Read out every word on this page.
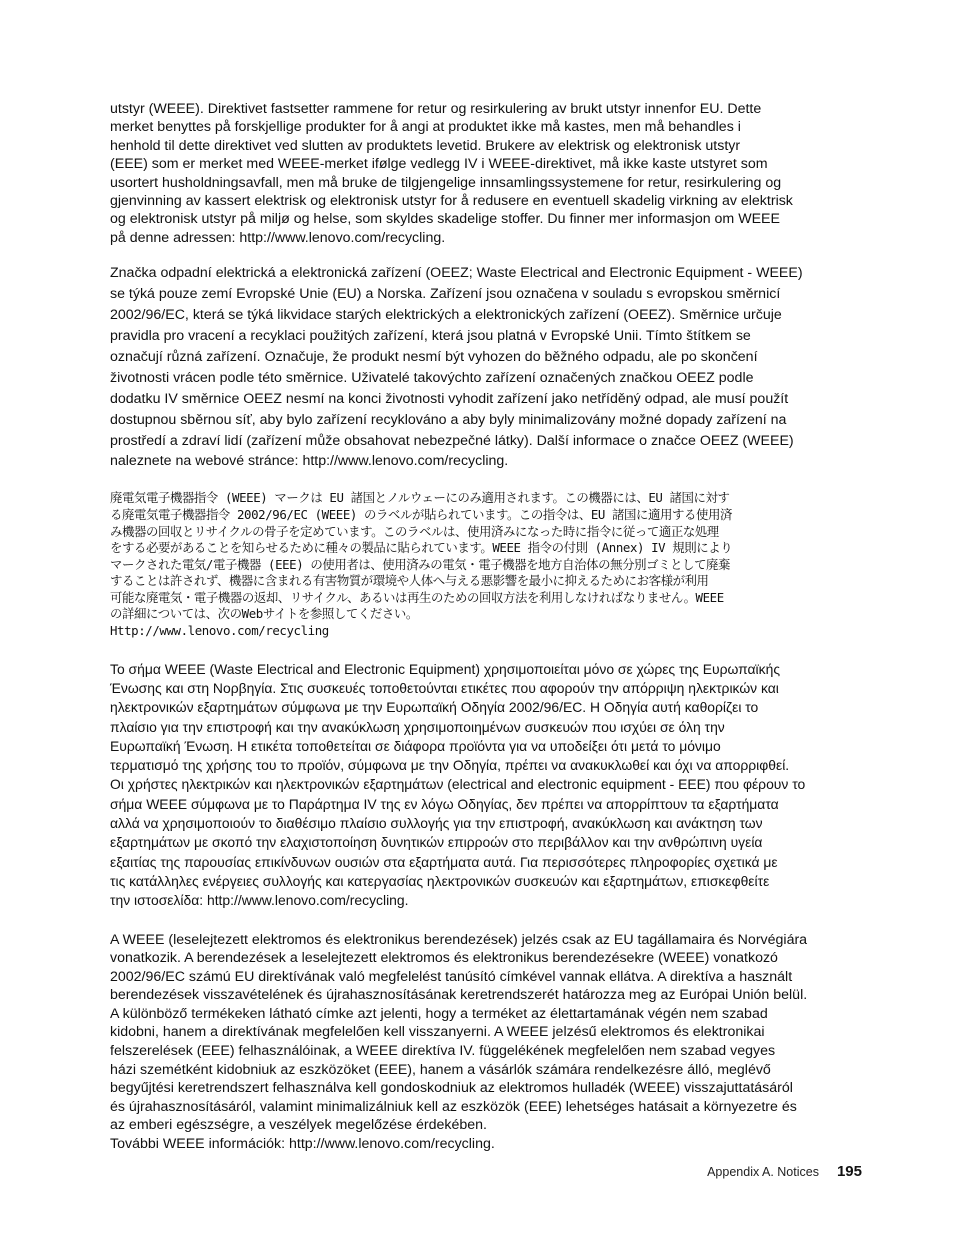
utstyr (WEEE). Direktivet fastsetter rammene for retur og resirkulering av brukt utstyr innenfor EU. Dette
merket benyttes på forskjellige produkter for å angi at produktet ikke må kastes, men må behandles i
henhold til dette direktivet ved slutten av produktets levetid. Brukere av elektrisk og elektronisk utstyr
(EEE) som er merket med WEEE-merket ifølge vedlegg IV i WEEE-direktivet, må ikke kaste utstyret som
usortert husholdningsavfall, men må bruke de tilgjengelige innsamlingssystemene for retur, resirkulering og
gjenvinning av kassert elektrisk og elektronisk utstyr for å redusere en eventuell skadelig virkning av elektrisk
og elektronisk utstyr på miljø og helse, som skyldes skadelige stoffer. Du finner mer informasjon om WEEE
på denne adressen: http://www.lenovo.com/recycling.

Značka odpadní elektrická a elektronická zařízení (OEEZ; Waste Electrical and Electronic Equipment - WEEE)
se týká pouze zemí Evropské Unie (EU) a Norska. Zařízení jsou označena v souladu s evropskou směrnicí
2002/96/EC, která se týká likvidace starých elektrických a elektronických zařízení (OEEZ). Směrnice určuje
pravidla pro vracení a recyklaci použitých zařízení, která jsou platná v Evropské Unii. Tímto štítkem se
označují různá zařízení. Označuje, že produkt nesmí být vyhozen do běžného odpadu, ale po skončení
životnosti vrácen podle této směrnice. Uživatelé takovýchto zařízení označených značkou OEEZ podle
dodatku IV směrnice OEEZ nesmí na konci životnosti vyhodit zařízení jako netříděný odpad, ale musí použít
dostupnou sběrnou síť, aby bylo zařízení recyklováno a aby byly minimalizovány možné dopady zařízení na
prostředí a zdraví lidí (zařízení může obsahovat nebezpečné látky). Další informace o značce OEEZ (WEEE)
naleznete na webové stránce: http://www.lenovo.com/recycling.

廃電気電子機器指令 (WEEE) マークは EU 諸国とノルウェーにのみ適用されます。この機器には、EU 諸国に対す
る廃電気電子機器指令 2002/96/EC (WEEE) のラベルが貼られています。この指令は、EU 諸国に適用する使用済
み機器の回収とリサイクルの骨子を定めています。このラベルは、使用済みになった時に指令に従って適正な処理
をする必要があることを知らせるために種々の製品に貼られています。WEEE 指令の付則 (Annex) IV 規則により
マークされた電気/電子機器 (EEE) の使用者は、使用済みの電気・電子機器を地方自治体の無分別ゴミとして廃棄
することは許されず、機器に含まれる有害物質が環境や人体へ与える悪影響を最小に抑えるためにお客様が利用
可能な廃電気・電子機器の返却、リサイクル、あるいは再生のための回収方法を利用しなければなりません。WEEE
の詳細については、次のWebサイトを参照してください。
Http://www.lenovo.com/recycling

Το σήμα WEEE (Waste Electrical and Electronic Equipment) χρησιμοποιείται μόνο σε χώρες της Ευρωπαϊκής
Ένωσης και στη Νορβηγία. Στις συσκευές τοποθετούνται ετικέτες που αφορούν την απόρριψη ηλεκτρικών και
ηλεκτρονικών εξαρτημάτων σύμφωνα με την Ευρωπαϊκή Οδηγία 2002/96/EC. Η Οδηγία αυτή καθορίζει το
πλαίσιο για την επιστροφή και την ανακύκλωση χρησιμοποιημένων συσκευών που ισχύει σε όλη την
Ευρωπαϊκή Ένωση. Η ετικέτα τοποθετείται σε διάφορα προϊόντα για να υποδείξει ότι μετά το μόνιμο
τερματισμό της χρήσης του το προϊόν, σύμφωνα με την Οδηγία, πρέπει να ανακυκλωθεί και όχι να απορριφθεί.
Οι χρήστες ηλεκτρικών και ηλεκτρονικών εξαρτημάτων (electrical and electronic equipment - EEE) που φέρουν το
σήμα WEEE σύμφωνα με το Παράρτημα IV της εν λόγω Οδηγίας, δεν πρέπει να απορρίπτουν τα εξαρτήματα
αλλά να χρησιμοποιούν το διαθέσιμο πλαίσιο συλλογής για την επιστροφή, ανακύκλωση και ανάκτηση των
εξαρτημάτων με σκοπό την ελαχιστοποίηση δυνητικών επιρροών στο περιβάλλον και την ανθρώπινη υγεία
εξαιτίας της παρουσίας επικίνδυνων ουσιών στα εξαρτήματα αυτά. Για περισσότερες πληροφορίες σχετικά με
τις κατάλληλες ενέργειες συλλογής και κατεργασίας ηλεκτρονικών συσκευών και εξαρτημάτων, επισκεφθείτε
την ιστοσελίδα: http://www.lenovo.com/recycling.

A WEEE (leselejtezett elektromos és elektronikus berendezések) jelzés csak az EU tagállamaira és Norvégiára
vonatkozik. A berendezések a leselejtezett elektromos és elektronikus berendezésekre (WEEE) vonatkozó
2002/96/EC számú EU direktívának való megfelelést tanúsító címkével vannak ellátva. A direktíva a használt
berendezések visszavételének és újrahasznosításának keretrendszerét határozza meg az Európai Unión belül.
A különböző termékeken látható címke azt jelenti, hogy a terméket az élettartamának végén nem szabad
kidobni, hanem a direktívának megfelelően kell visszanyerni. A WEEE jelzésű elektromos és elektronikai
felszerelések (EEE) felhasználóinak, a WEEE direktíva IV. függelékének megfelelően nem szabad vegyes
házi szemétként kidobniuk az eszközöket (EEE), hanem a vásárlók számára rendelkezésre álló, meglévő
begyűjtési keretrendszert felhasználva kell gondoskodniuk az elektromos hulladék (WEEE) visszajuttatásáról
és újrahasznosításáról, valamint minimalizálniuk kell az eszközök (EEE) lehetséges hatásait a környezetre és
az emberi egészségre, a veszélyek megelőzése érdekében.
További WEEE információk: http://www.lenovo.com/recycling.

Appendix A. Notices 195
